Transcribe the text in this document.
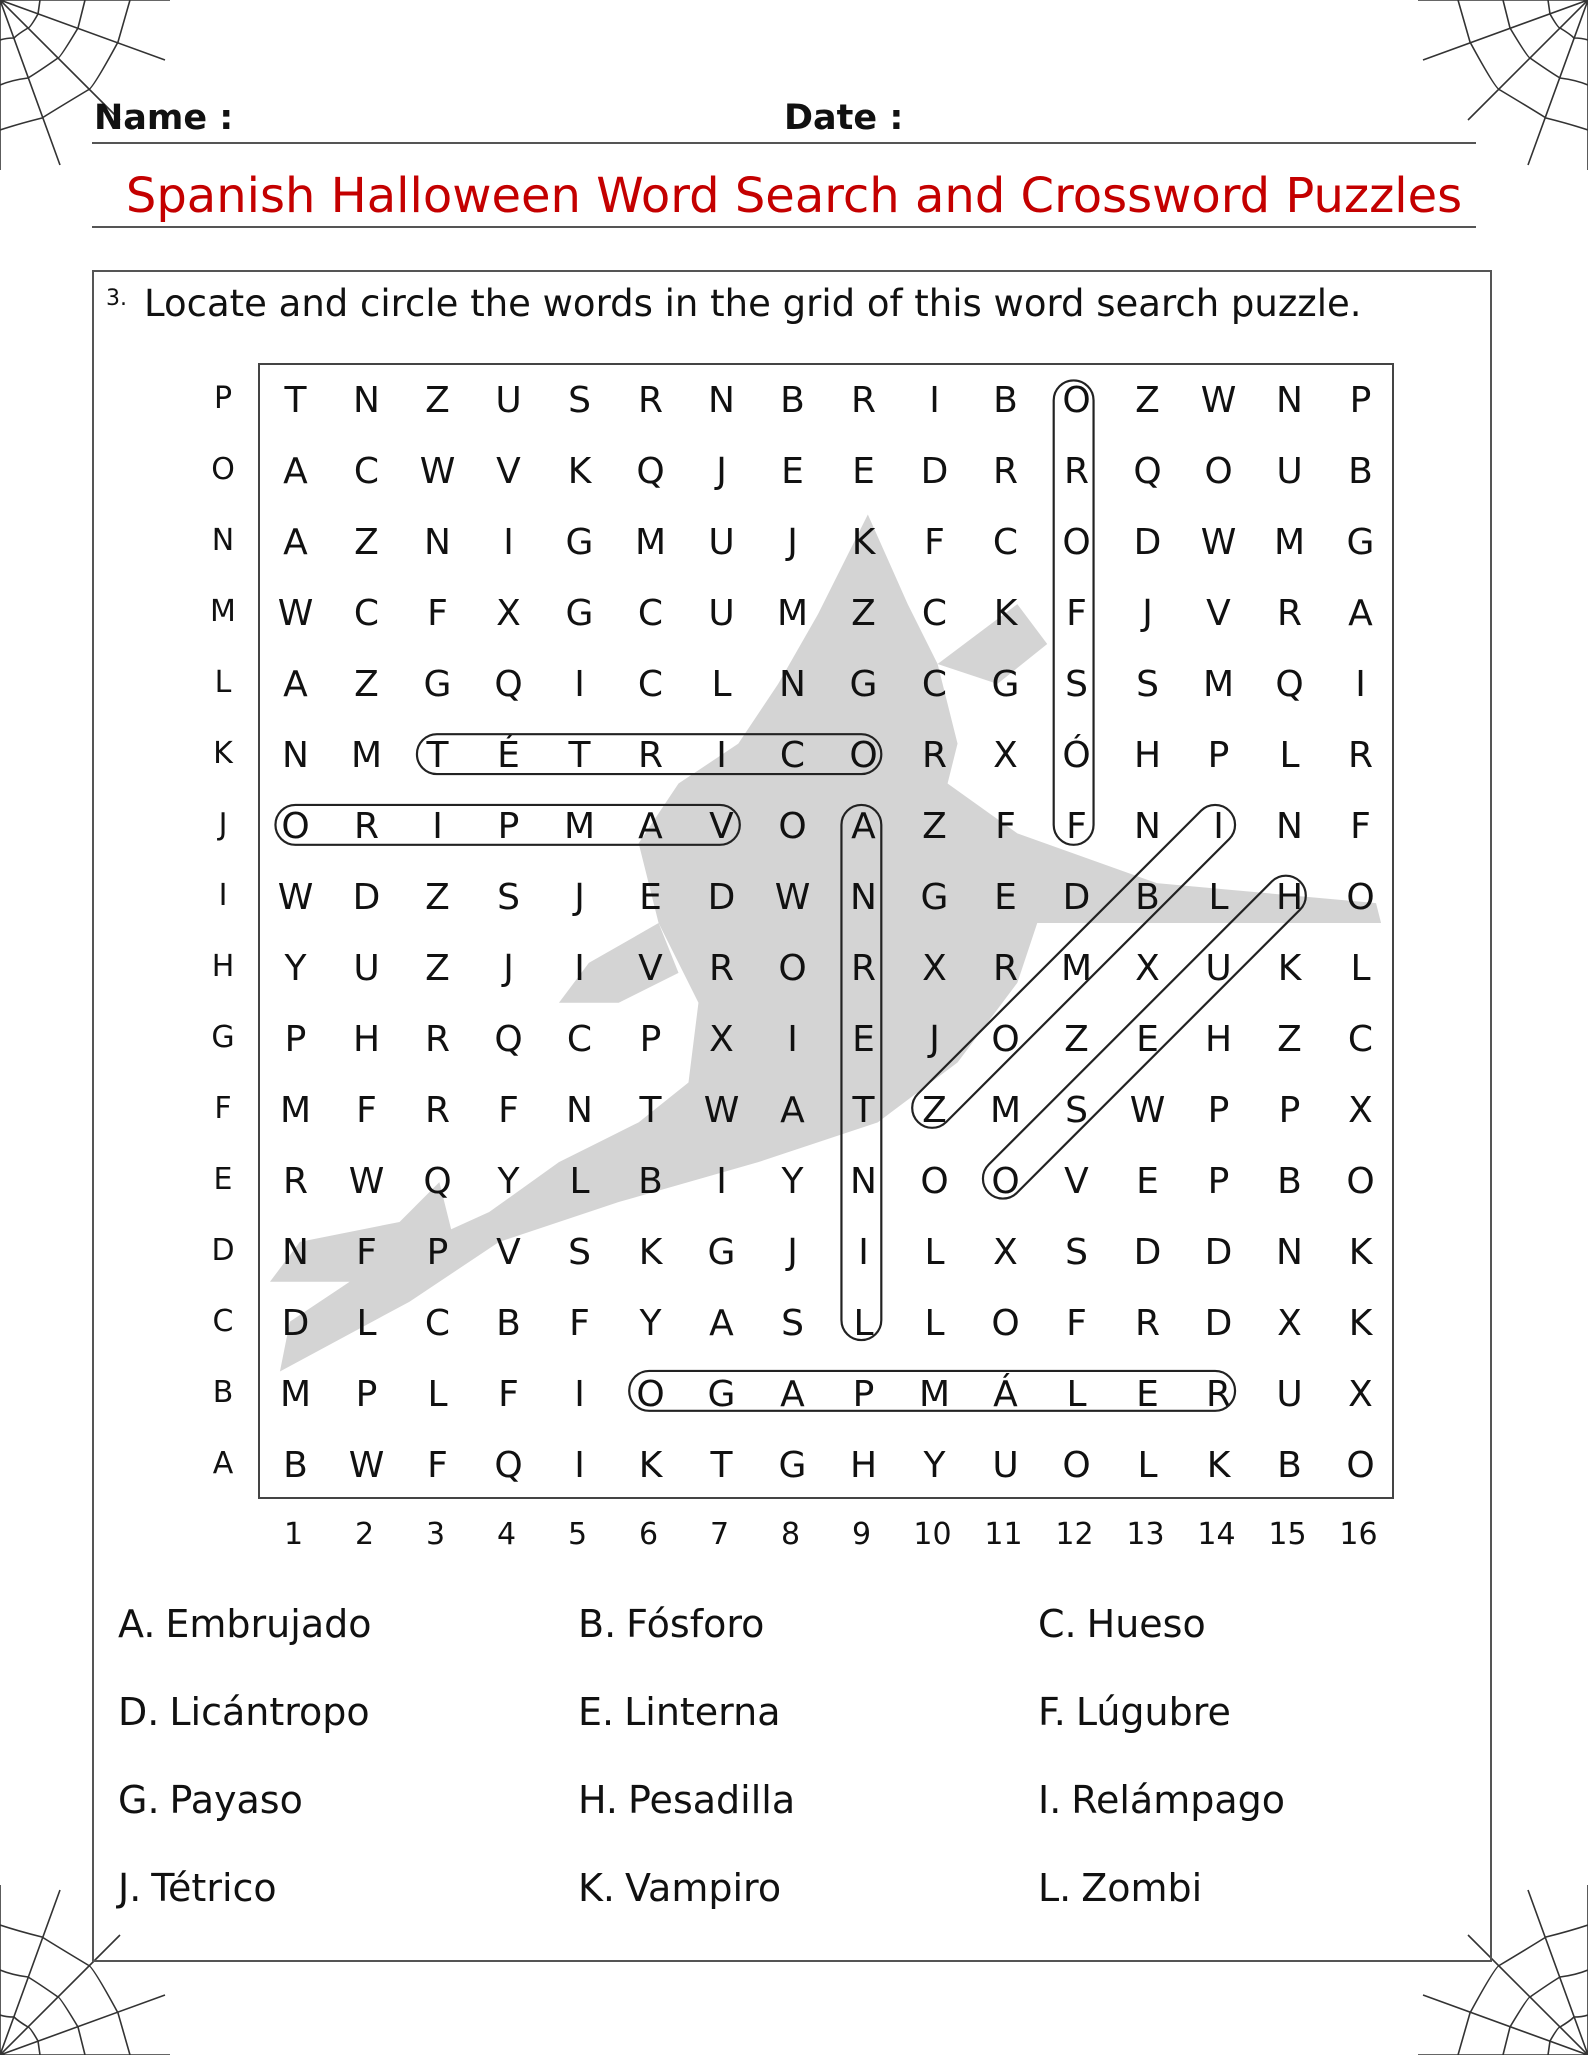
Name :	Date :
Spanish Halloween Word Search and Crossword Puzzles
3. Locate and circle the words in the grid of this word search puzzle.
P
O
N
M
L
K
J
I
H
G
F
E
D
C
B
A
T	N	Z	U	S	R	N	B	R	I	B	O	Z	W	N	P
A	C	W	V	K	Q	J	E	E	D	R	R	Q	O	U	B
A	Z	N	I	G	M	U	J	K	F	C	O	D	W	M	G
W	C	F	X	G	C	U	M	Z	C	K	F	J	V	R	A
A	Z	G	Q	I	C	L	N	G	C	G	S	S	M	Q	I
N	M	T	É	T	R	I	C	O	R	X	Ó	H	P	L	R
O	R	I	P	M	A	V	O	A	Z	F	F	N	I	N	F
W	D	Z	S	J	E	D	W	N	G	E	D	B	L	H	O
Y	U	Z	J	I	V	R	O	R	X	R	M	X	U	K	L
P	H	R	Q	C	P	X	I	E	J	O	Z	E	H	Z	C
M	F	R	F	N	T	W	A	T	Z	M	S	W	P	P	X
R	W	Q	Y	L	B	I	Y	N	O	O	V	E	P	B	O
N	F	P	V	S	K	G	J	I	L	X	S	D	D	N	K
D	L	C	B	F	Y	A	S	L	L	O	F	R	D	X	K
M	P	L	F	I	O	G	A	P	M	Á	L	E	R	U	X
B	W	F	Q	I	K	T	G	H	Y	U	O	L	K	B	O
1	2	3	4	5	6	7	8	9	10	11	12	13	14	15	16
A. Embrujado	B. Fósforo	C. Hueso
D. Licántropo	E. Linterna	F. Lúgubre
G. Payaso	H. Pesadilla	I. Relámpago
J. Tétrico	K. Vampiro	L. Zombi
